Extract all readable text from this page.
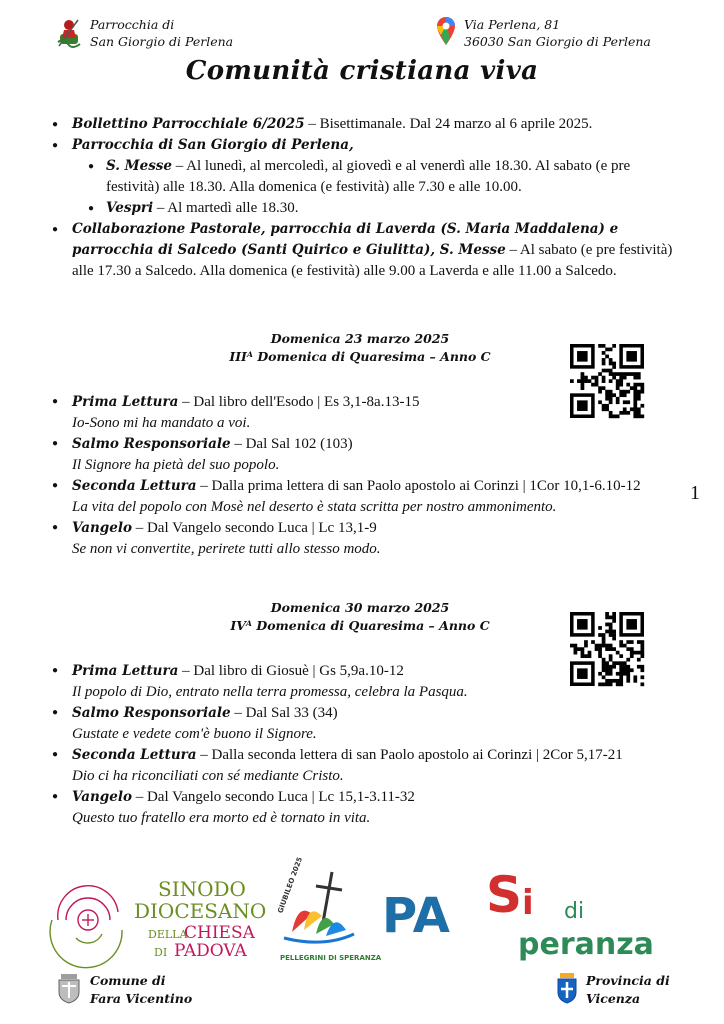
Parrocchia di
San Giorgio di Perlena
Via Perlena, 81
36030 San Giorgio di Perlena
Comunità cristiana viva
● Bollettino Parrocchiale 6/2025 – Bisettimanale. Dal 24 marzo al 6 aprile 2025.
● Parrocchia di San Giorgio di Perlena,
● S. Messe – Al lunedì, al mercoledì, al giovedì e al venerdì alle 18.30. Al sabato (e pre festività) alle 18.30. Alla domenica (e festività) alle 7.30 e alle 10.00.
● Vespri – Al martedì alle 18.30.
● Collaborazione Pastorale, parrocchia di Laverda (S. Maria Maddalena) e parrocchia di Salcedo (Santi Quirico e Giulitta), S. Messe – Al sabato (e pre festività) alle 17.30 a Salcedo. Alla domenica (e festività) alle 9.00 a Laverda e alle 11.00 a Salcedo.
Domenica 23 marzo 2025
IIIᴬ Domenica di Quaresima – Anno C
● Prima Lettura – Dal libro dell'Esodo | Es 3,1-8a.13-15
Io-Sono mi ha mandato a voi.
● Salmo Responsoriale – Dal Sal 102 (103)
Il Signore ha pietà del suo popolo.
● Seconda Lettura – Dalla prima lettera di san Paolo apostolo ai Corinzi | 1Cor 10,1-6.10-12
La vita del popolo con Mosè nel deserto è stata scritta per nostro ammonimento.
● Vangelo – Dal Vangelo secondo Luca | Lc 13,1-9
Se non vi convertite, perirete tutti allo stesso modo.
1
Domenica 30 marzo 2025
IVᴬ Domenica di Quaresima – Anno C
● Prima Lettura – Dal libro di Giosuè | Gs 5,9a.10-12
Il popolo di Dio, entrato nella terra promessa, celebra la Pasqua.
● Salmo Responsoriale – Dal Sal 33 (34)
Gustate e vedete com'è buono il Signore.
● Seconda Lettura – Dalla seconda lettera di san Paolo apostolo ai Corinzi | 2Cor 5,17-21
Dio ci ha riconciliati con sé mediante Cristo.
● Vangelo – Dal Vangelo secondo Luca | Lc 15,1-3.11-32
Questo tuo fratello era morto ed è tornato in vita.
SINODO
DIOCESANO
DELLA
CHIESA
DI PADOVA
GIUBILEO 2025
PELLEGRINI DI SPERANZA
PA S i di
peranza
Comune di
Fara Vicentino
Provincia di
Vicenza
